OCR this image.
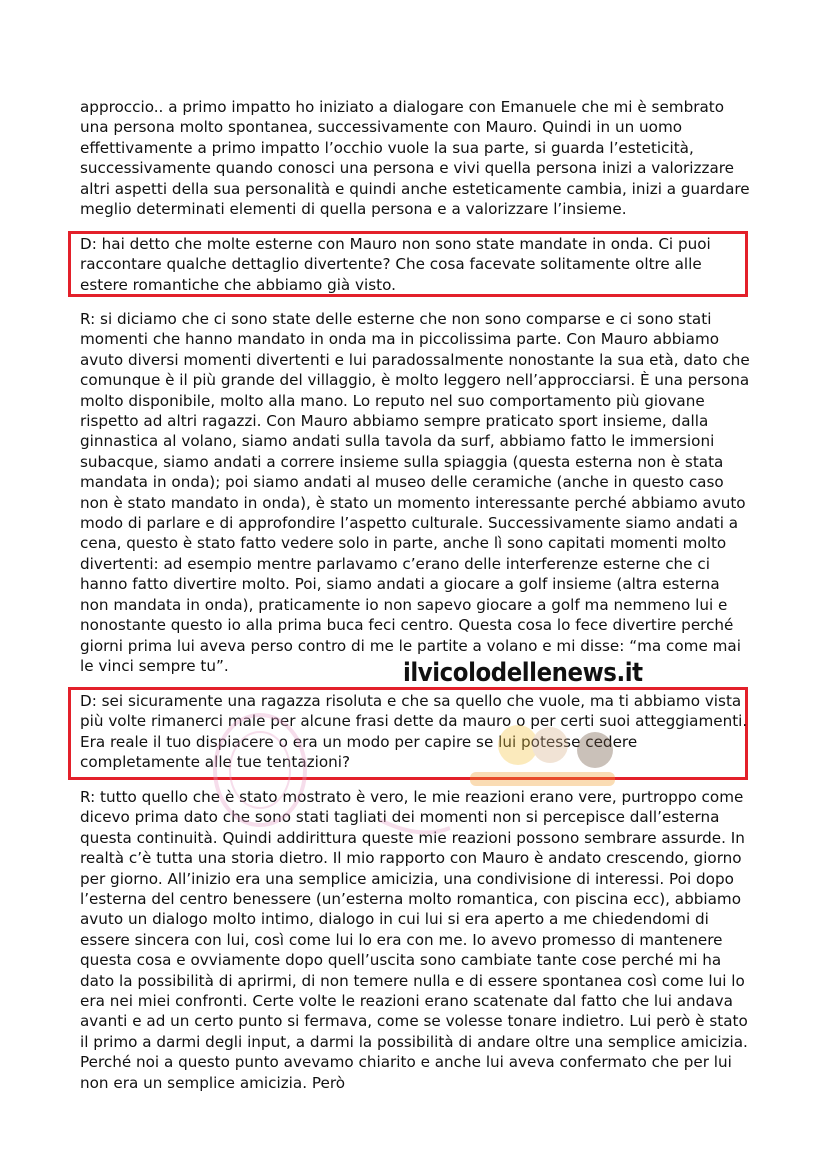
approccio.. a primo impatto ho iniziato a dialogare con Emanuele che mi è sembrato una persona molto spontanea, successivamente con Mauro. Quindi in un uomo effettivamente a primo impatto l’occhio vuole la sua parte, si guarda l’esteticità, successivamente quando conosci una persona e vivi quella persona inizi a valorizzare altri aspetti della sua personalità e quindi anche esteticamente cambia, inizi a guardare meglio determinati elementi di quella persona e a valorizzare l’insieme.

D: hai detto che molte esterne con Mauro non sono state mandate in onda. Ci puoi raccontare qualche dettaglio divertente? Che cosa facevate solitamente oltre alle estere romantiche che abbiamo già visto.

R: si diciamo che ci sono state delle esterne che non sono comparse e ci sono stati momenti che hanno mandato in onda ma in piccolissima parte. Con Mauro abbiamo avuto diversi momenti divertenti e lui paradossalmente nonostante la sua età, dato che comunque è il più grande del villaggio, è molto leggero nell’approcciarsi. È una persona molto disponibile, molto alla mano. Lo reputo nel suo comportamento più giovane rispetto ad altri ragazzi. Con Mauro abbiamo sempre praticato sport insieme, dalla ginnastica al volano, siamo andati sulla tavola da surf, abbiamo fatto le immersioni subacque, siamo andati a correre insieme sulla spiaggia (questa esterna non è stata mandata in onda); poi siamo andati al museo delle ceramiche (anche in questo caso non è stato mandato in onda), è stato un momento interessante perché abbiamo avuto modo di parlare e di approfondire l’aspetto culturale. Successivamente siamo andati a cena, questo è stato fatto vedere solo in parte, anche lì sono capitati momenti molto divertenti: ad esempio mentre parlavamo c’erano delle interferenze esterne che ci hanno fatto divertire molto. Poi, siamo andati a giocare a golf insieme (altra esterna non mandata in onda), praticamente io non sapevo giocare a golf ma nemmeno lui e nonostante questo io alla prima buca feci centro. Questa cosa lo fece divertire perché giorni prima lui aveva perso contro di me le partite a volano e mi disse: “ma come mai le vinci sempre tu”.

D: sei sicuramente una ragazza risoluta e che sa quello che vuole, ma ti abbiamo vista più volte rimanerci male per alcune frasi dette da mauro o per certi suoi atteggiamenti. Era reale il tuo dispiacere o era un modo per capire se lui potesse cedere completamente alle tue tentazioni?

R: tutto quello che è stato mostrato è vero, le mie reazioni erano vere, purtroppo come dicevo prima dato che sono stati tagliati dei momenti non si percepisce dall’esterna questa continuità. Quindi addirittura queste mie reazioni possono sembrare assurde. In realtà c’è tutta una storia dietro. Il mio rapporto con Mauro è andato crescendo, giorno per giorno. All’inizio era una semplice amicizia, una condivisione di interessi. Poi dopo l’esterna del centro benessere (un’esterna molto romantica, con piscina ecc), abbiamo avuto un dialogo molto intimo, dialogo in cui lui si era aperto a me chiedendomi di essere sincera con lui, così come lui lo era con me. Io avevo promesso di mantenere questa cosa e ovviamente dopo quell’uscita sono cambiate tante cose perché mi ha dato la possibilità di aprirmi, di non temere nulla e di essere spontanea così come lui lo era nei miei confronti. Certe volte le reazioni erano scatenate dal fatto che lui andava avanti e ad un certo punto si fermava, come se volesse tonare indietro. Lui però è stato il primo a darmi degli input, a darmi la possibilità di andare oltre una semplice amicizia. Perché noi a questo punto avevamo chiarito e anche lui aveva confermato che per lui non era un semplice amicizia. Però

ilvicolodellenews.it
